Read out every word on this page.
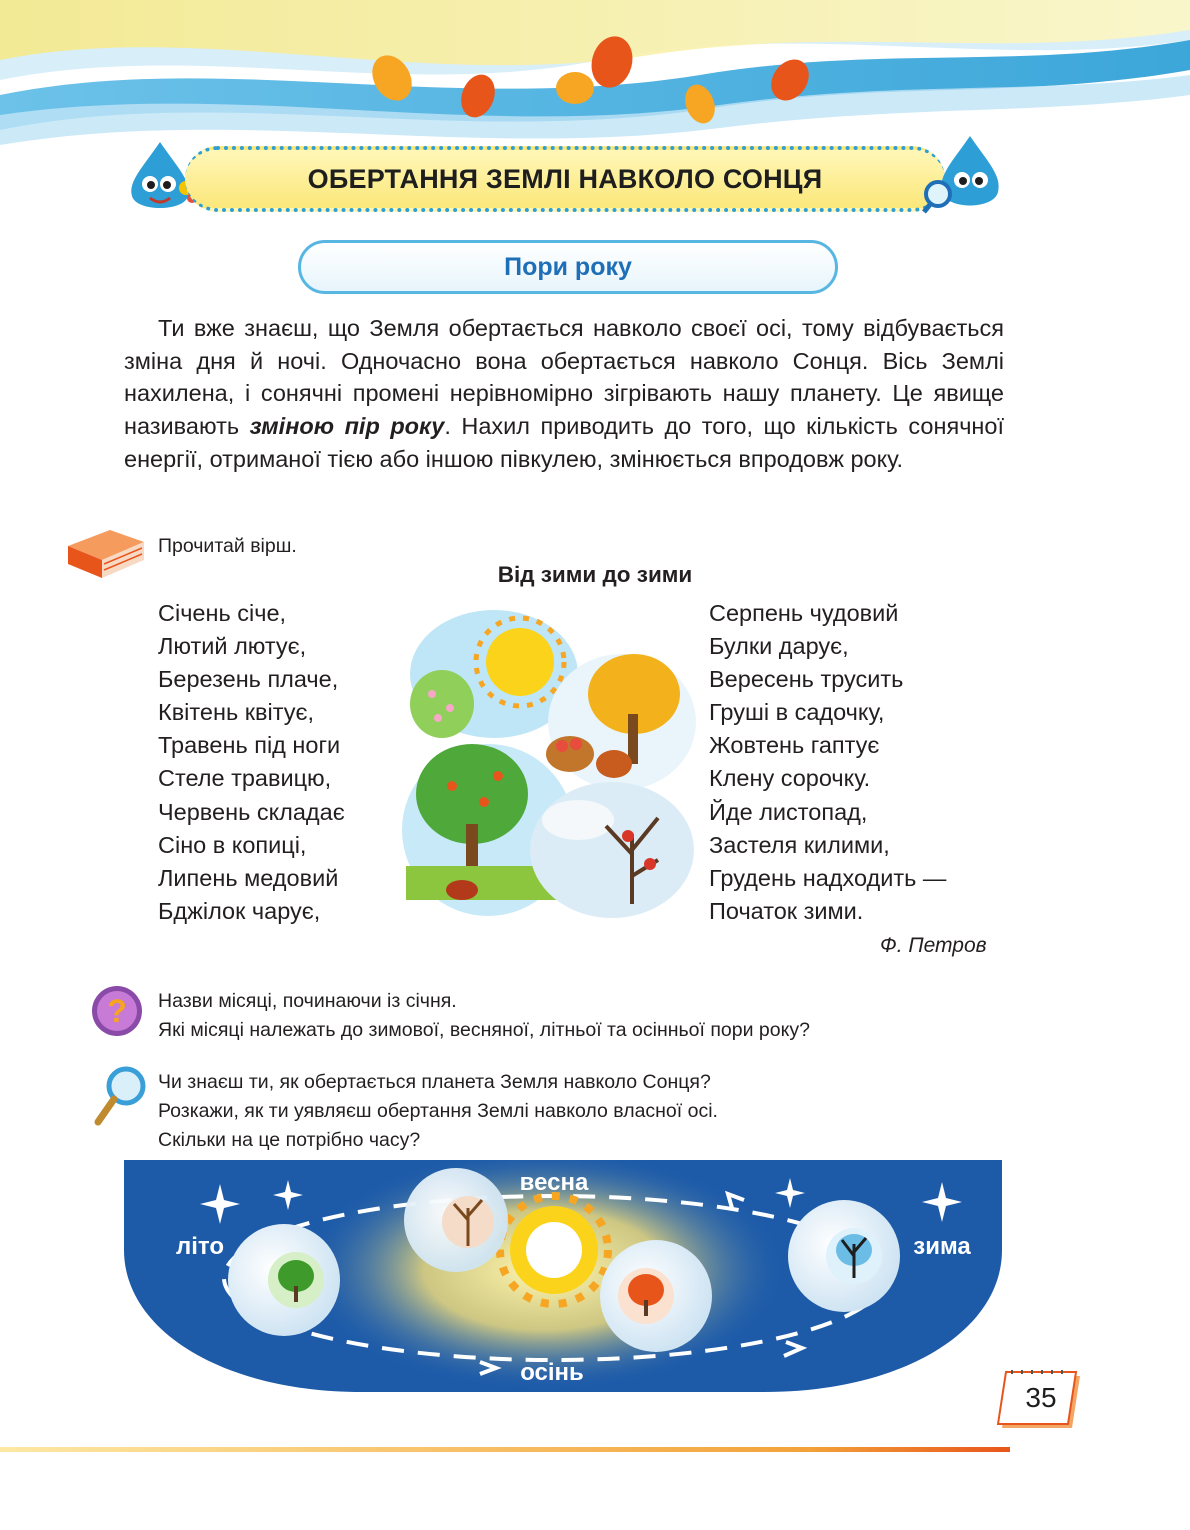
ОБЕРТАННЯ ЗЕМЛІ НАВКОЛО СОНЦЯ
Пори року

Ти вже знаєш, що Земля обертається навколо своєї осі, тому відбувається зміна дня й ночі. Одночасно вона обертається навколо Сонця. Вісь Землі нахилена, і сонячні промені нерівномірно зігрівають нашу планету. Це явище називають зміною пір року. Нахил приводить до того, що кількість сонячної енергії, отриманої тією або іншою півкулею, змінюється впродовж року.

Прочитай вірш.
Від зими до зими
Січень січе,
Лютий лютує,
Березень плаче,
Квітень квітує,
Травень під ноги
Стеле травицю,
Червень складає
Сіно в копиці,
Липень медовий
Бджілок чарує,
Серпень чудовий
Булки дарує,
Вересень трусить
Груші в садочку,
Жовтень гаптує
Клену сорочку.
Йде листопад,
Застеля килими,
Грудень надходить —
Початок зими.
Ф. Петров
? Назви місяці, починаючи із січня.
Які місяці належать до зимової, весняної, літньої та осінньої пори року?
Чи знаєш ти, як обертається планета Земля навколо Сонця?
Розкажи, як ти уявляєш обертання Землі навколо власної осі.
Скільки на це потрібно часу?
весна
літо	зима
осінь
35
